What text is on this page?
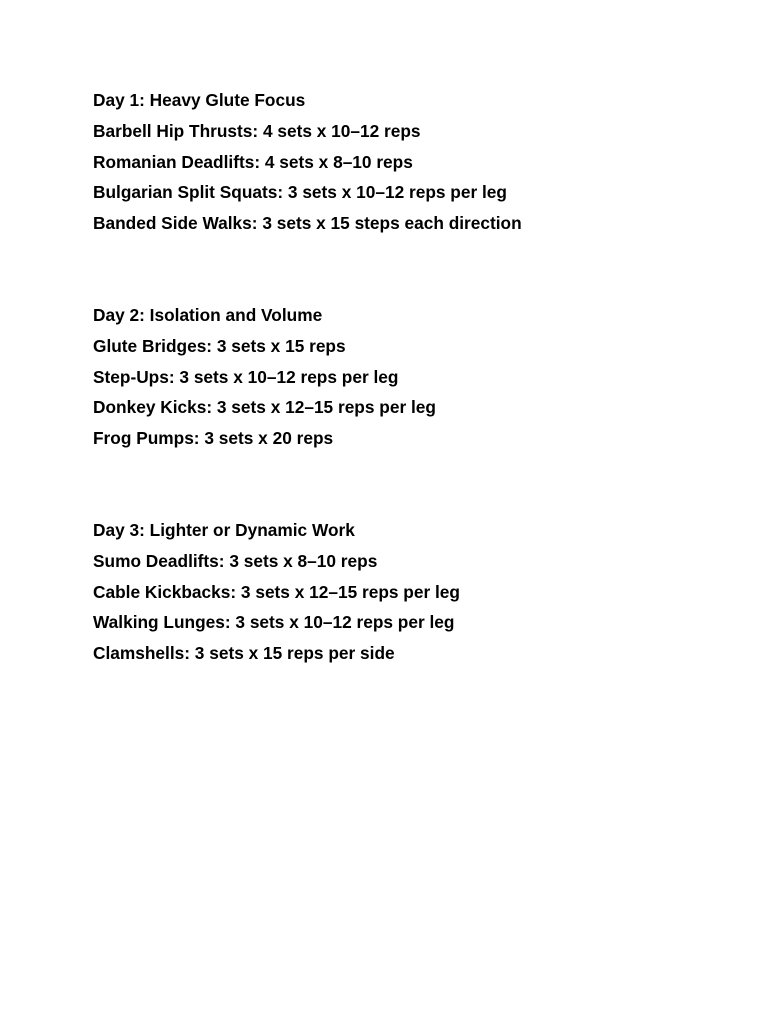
Day 1: Heavy Glute Focus

Barbell Hip Thrusts: 4 sets x 10–12 reps

Romanian Deadlifts: 4 sets x 8–10 reps

Bulgarian Split Squats: 3 sets x 10–12 reps per leg

Banded Side Walks: 3 sets x 15 steps each direction

Day 2: Isolation and Volume

Glute Bridges: 3 sets x 15 reps

Step-Ups: 3 sets x 10–12 reps per leg

Donkey Kicks: 3 sets x 12–15 reps per leg

Frog Pumps: 3 sets x 20 reps

Day 3: Lighter or Dynamic Work

Sumo Deadlifts: 3 sets x 8–10 reps

Cable Kickbacks: 3 sets x 12–15 reps per leg

Walking Lunges: 3 sets x 10–12 reps per leg

Clamshells: 3 sets x 15 reps per side
